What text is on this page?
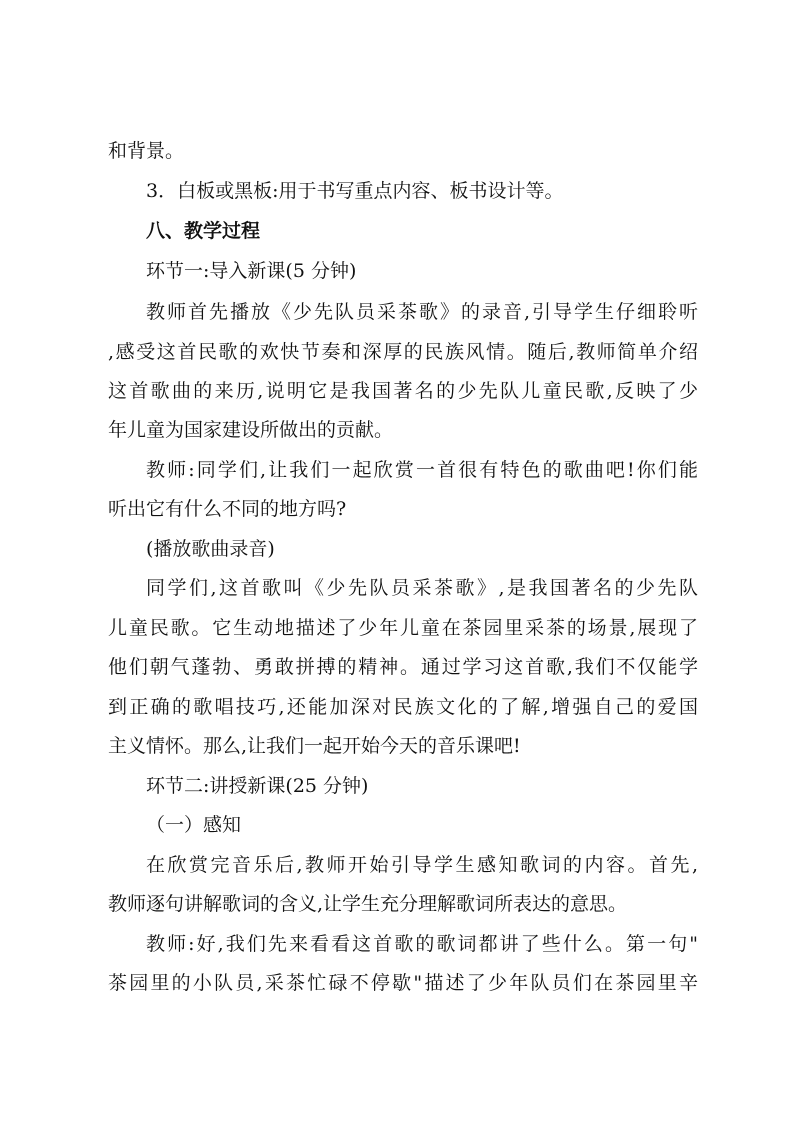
和背景。
3．白板或黑板:用于书写重点内容、板书设计等。
八、教学过程
环节一:导入新课(5 分钟)
教师首先播放《少先队员采茶歌》的录音,引导学生仔细聆听
,感受这首民歌的欢快节奏和深厚的民族风情。随后,教师简单介绍
这首歌曲的来历,说明它是我国著名的少先队儿童民歌,反映了少
年儿童为国家建设所做出的贡献。
教师:同学们,让我们一起欣赏一首很有特色的歌曲吧!你们能
听出它有什么不同的地方吗?
(播放歌曲录音)
同学们,这首歌叫《少先队员采茶歌》,是我国著名的少先队
儿童民歌。它生动地描述了少年儿童在茶园里采茶的场景,展现了
他们朝气蓬勃、勇敢拼搏的精神。通过学习这首歌,我们不仅能学
到正确的歌唱技巧,还能加深对民族文化的了解,增强自己的爱国
主义情怀。那么,让我们一起开始今天的音乐课吧!
环节二:讲授新课(25 分钟)
（一）感知
在欣赏完音乐后,教师开始引导学生感知歌词的内容。首先,
教师逐句讲解歌词的含义,让学生充分理解歌词所表达的意思。
教师:好,我们先来看看这首歌的歌词都讲了些什么。第一句"
茶园里的小队员,采茶忙碌不停歇"描述了少年队员们在茶园里辛
